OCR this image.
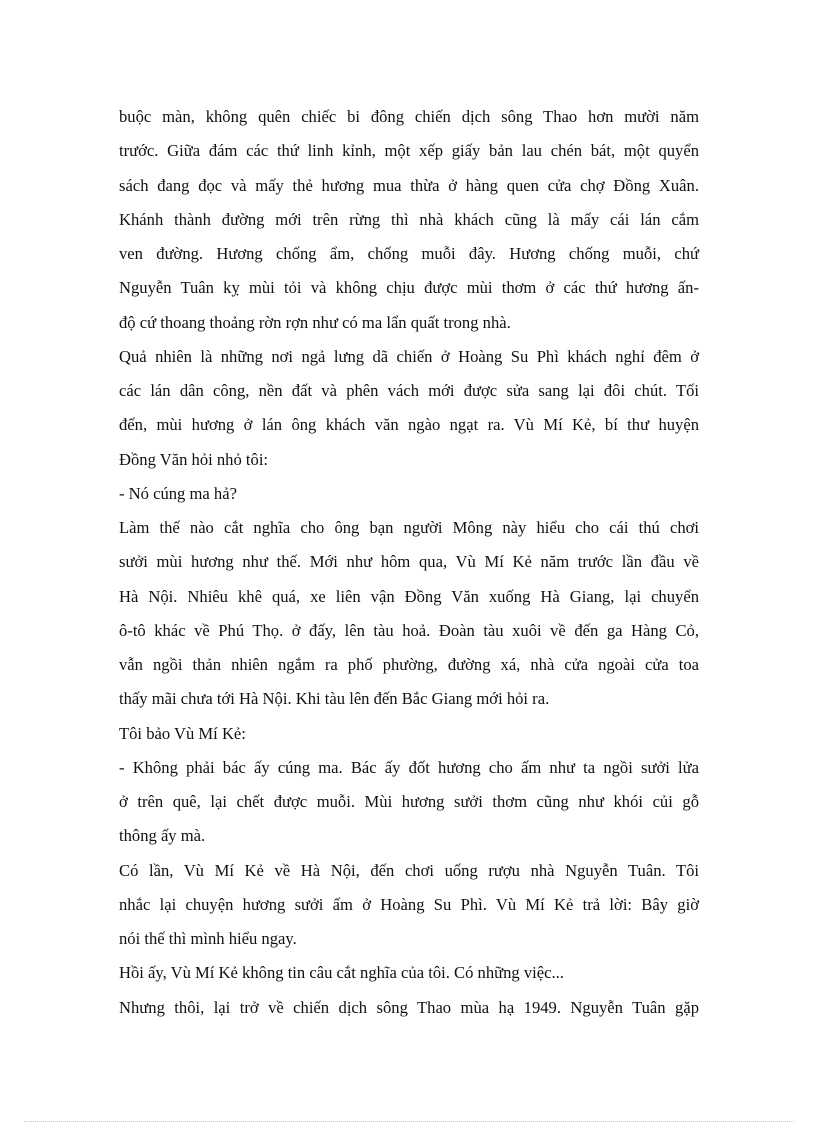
buộc màn, không quên chiếc bi đông chiến dịch sông Thao hơn mười năm
trước. Giữa đám các thứ linh kỉnh, một xếp giấy bản lau chén bát, một quyển
sách đang đọc và mấy thẻ hương mua thừa ở hàng quen cửa chợ Đồng Xuân.
Khánh thành đường mới trên rừng thì nhà khách cũng là mấy cái lán cắm
ven đường. Hương chống ẩm, chống muỗi đây. Hương chống muỗi, chứ
Nguyễn Tuân kỵ mùi tỏi và không chịu được mùi thơm ở các thứ hương ấn-
độ cứ thoang thoảng rờn rợn như có ma lẩn quất trong nhà.
Quả nhiên là những nơi ngả lưng dã chiến ở Hoàng Su Phì khách nghỉ đêm ở
các lán dân công, nền đất và phên vách mới được sửa sang lại đôi chút. Tối
đến, mùi hương ở lán ông khách văn ngào ngạt ra. Vù Mí Kẻ, bí thư huyện
Đồng Văn hỏi nhỏ tôi:
- Nó cúng ma hả?
Làm thế nào cắt nghĩa cho ông bạn người Mông này hiểu cho cái thú chơi
sưởi mùi hương như thế. Mới như hôm qua, Vù Mí Kẻ năm trước lần đầu về
Hà Nội. Nhiêu khê quá, xe liên vận Đồng Văn xuống Hà Giang, lại chuyển
ô-tô khác về Phú Thọ. ở đấy, lên tàu hoả. Đoàn tàu xuôi về đến ga Hàng Cỏ,
vẫn ngồi thản nhiên ngắm ra phố phường, đường xá, nhà cửa ngoài cửa toa
thấy mãi chưa tới Hà Nội. Khi tàu lên đến Bắc Giang mới hỏi ra.
Tôi bảo Vù Mí Kẻ:
- Không phải bác ấy cúng ma. Bác ấy đốt hương cho ấm như ta ngồi sưởi lửa
ở trên quê, lại chết được muỗi. Mùi hương sưởi thơm cũng như khói củi gỗ
thông ấy mà.
Có lần, Vù Mí Kẻ về Hà Nội, đến chơi uống rượu nhà Nguyễn Tuân. Tôi
nhắc lại chuyện hương sưởi ấm ở Hoàng Su Phì. Vù Mí Kẻ trả lời: Bây giờ
nói thế thì mình hiểu ngay.
Hồi ấy, Vù Mí Kẻ không tin câu cắt nghĩa của tôi. Có những việc...
Nhưng thôi, lại trở về chiến dịch sông Thao mùa hạ 1949. Nguyễn Tuân gặp
